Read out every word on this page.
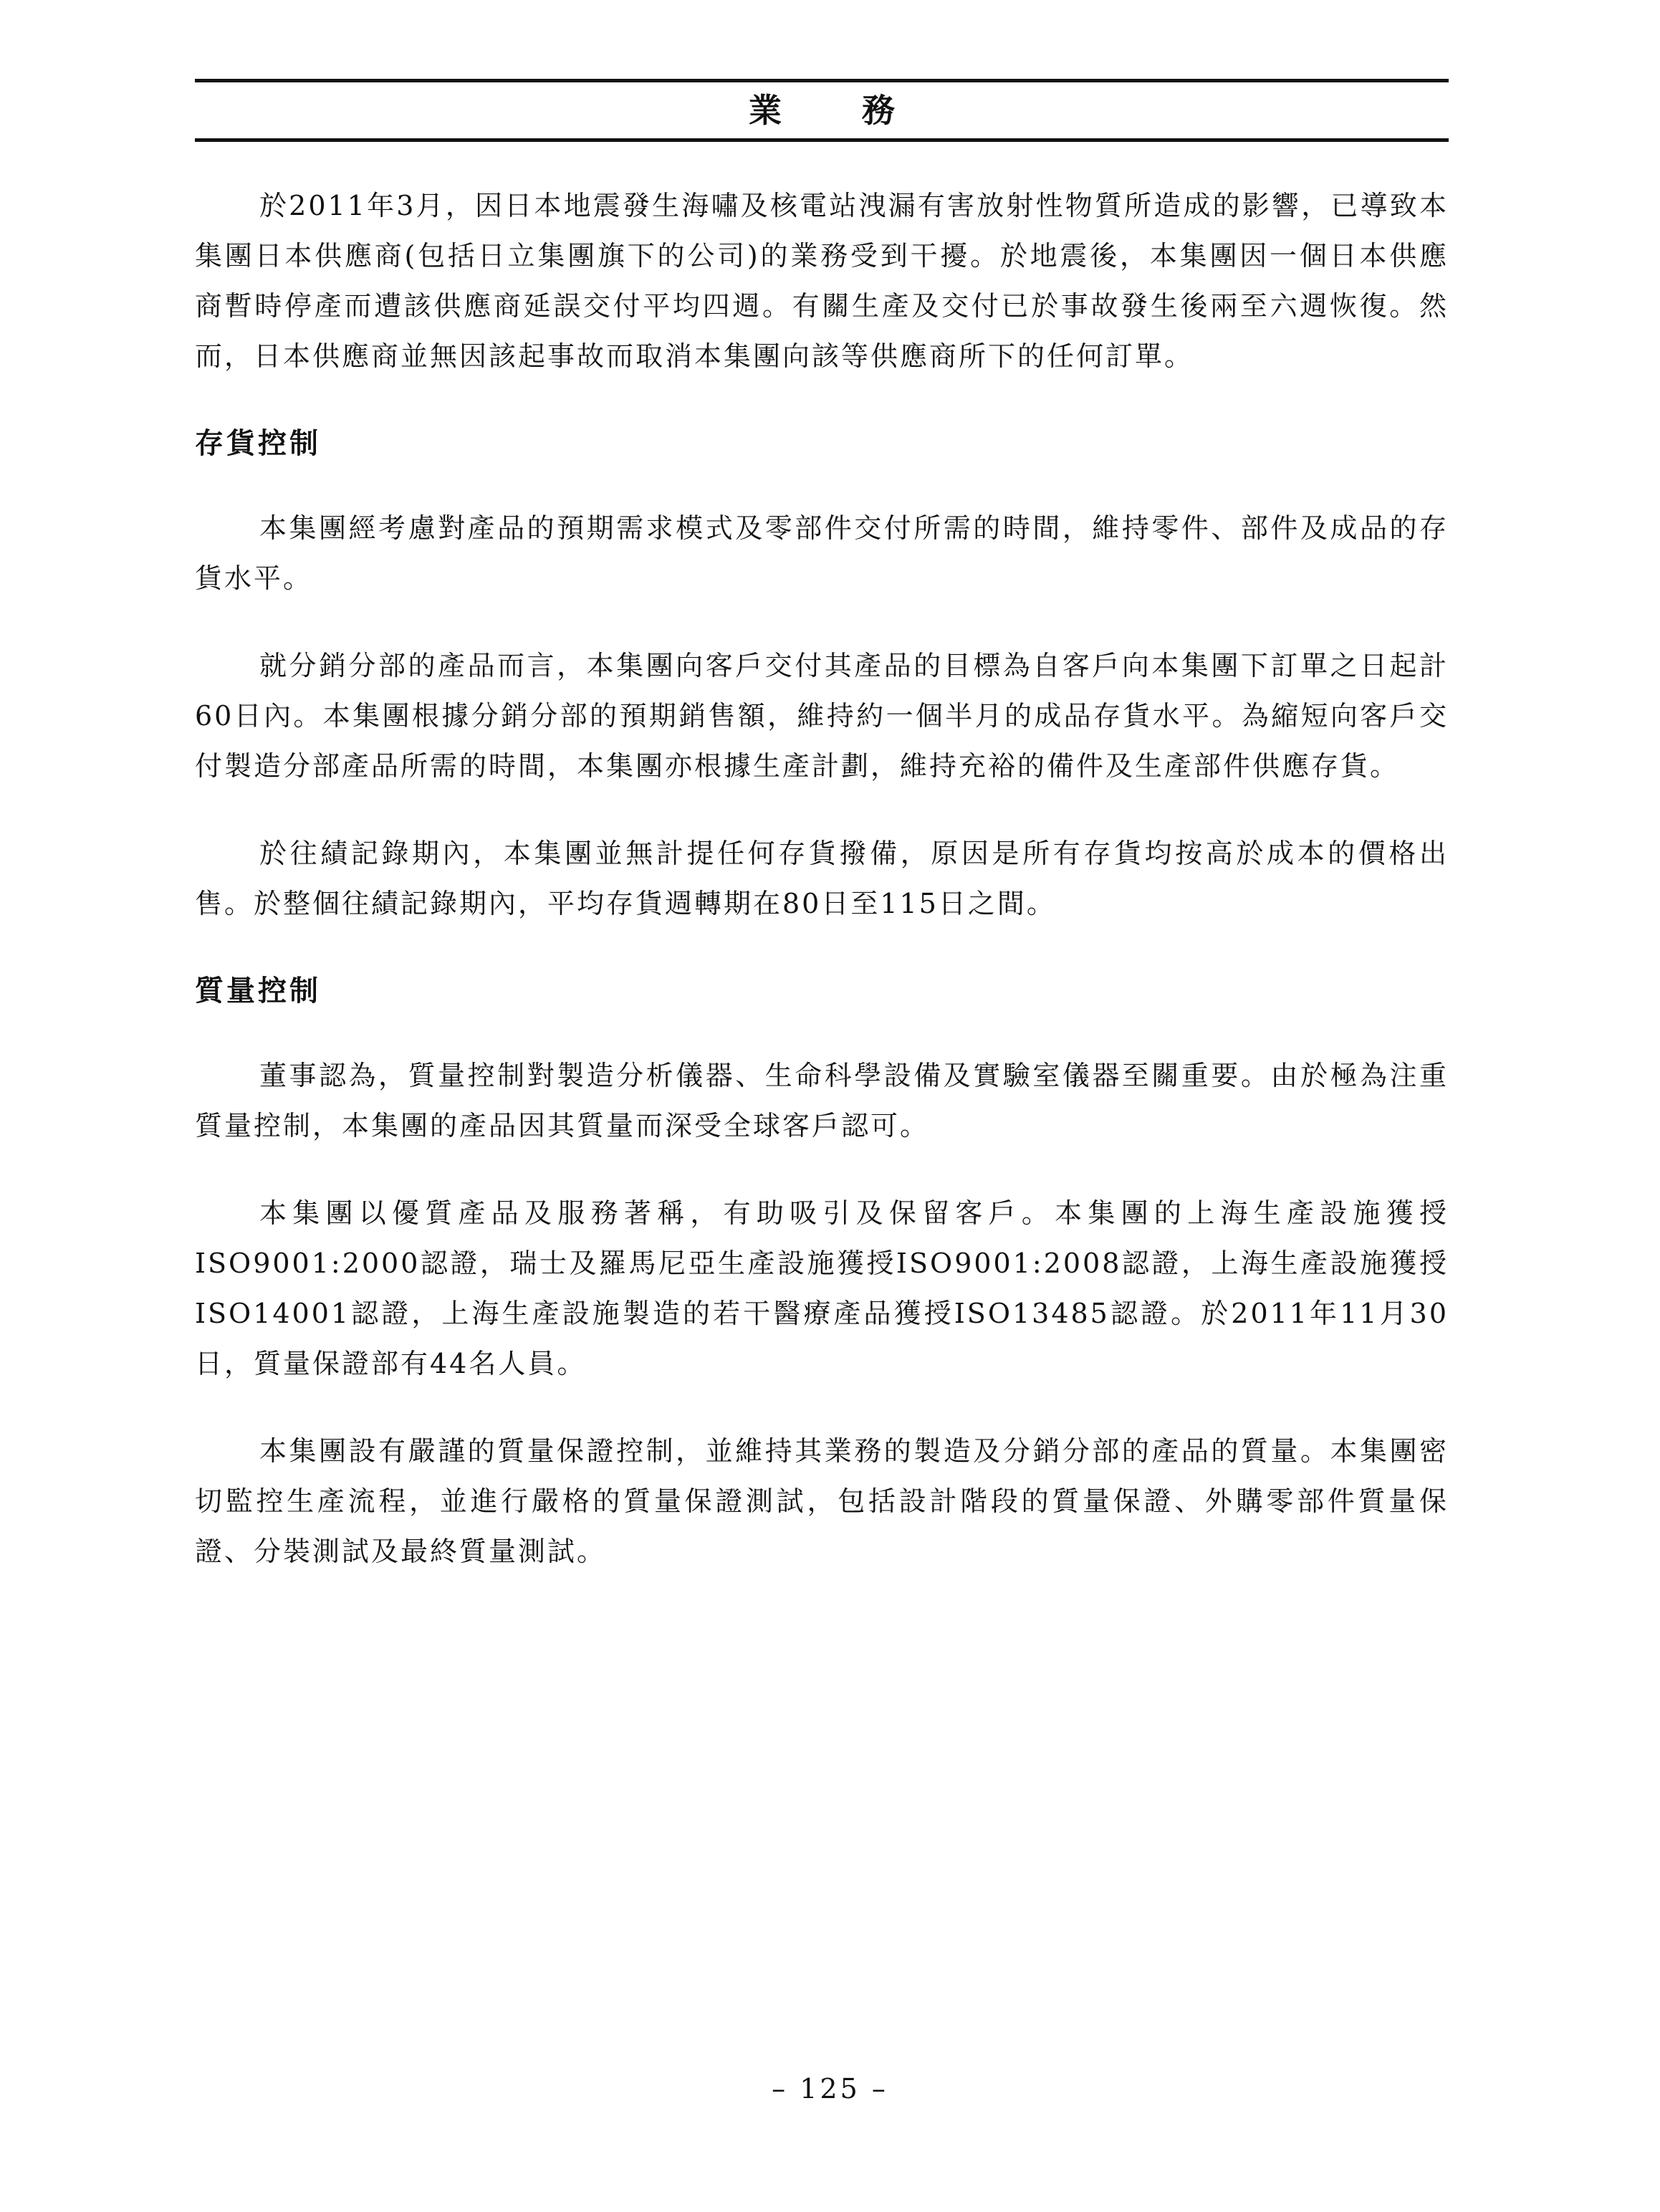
業 務

於2011年3月，因日本地震發生海嘯及核電站洩漏有害放射性物質所造成的影響，已導致本集團日本供應商(包括日立集團旗下的公司)的業務受到干擾。於地震後，本集團因一個日本供應商暫時停產而遭該供應商延誤交付平均四週。有關生產及交付已於事故發生後兩至六週恢復。然而，日本供應商並無因該起事故而取消本集團向該等供應商所下的任何訂單。

存貨控制

本集團經考慮對產品的預期需求模式及零部件交付所需的時間，維持零件、部件及成品的存貨水平。

就分銷分部的產品而言，本集團向客戶交付其產品的目標為自客戶向本集團下訂單之日起計60日內。本集團根據分銷分部的預期銷售額，維持約一個半月的成品存貨水平。為縮短向客戶交付製造分部產品所需的時間，本集團亦根據生產計劃，維持充裕的備件及生產部件供應存貨。

於往績記錄期內，本集團並無計提任何存貨撥備，原因是所有存貨均按高於成本的價格出售。於整個往績記錄期內，平均存貨週轉期在80日至115日之間。

質量控制

董事認為，質量控制對製造分析儀器、生命科學設備及實驗室儀器至關重要。由於極為注重質量控制，本集團的產品因其質量而深受全球客戶認可。

本集團以優質產品及服務著稱，有助吸引及保留客戶。本集團的上海生產設施獲授ISO9001:2000認證，瑞士及羅馬尼亞生產設施獲授ISO9001:2008認證，上海生產設施獲授ISO14001認證，上海生產設施製造的若干醫療產品獲授ISO13485認證。於2011年11月30日，質量保證部有44名人員。

本集團設有嚴謹的質量保證控制，並維持其業務的製造及分銷分部的產品的質量。本集團密切監控生產流程，並進行嚴格的質量保證測試，包括設計階段的質量保證、外購零部件質量保證、分裝測試及最終質量測試。

– 125 –
